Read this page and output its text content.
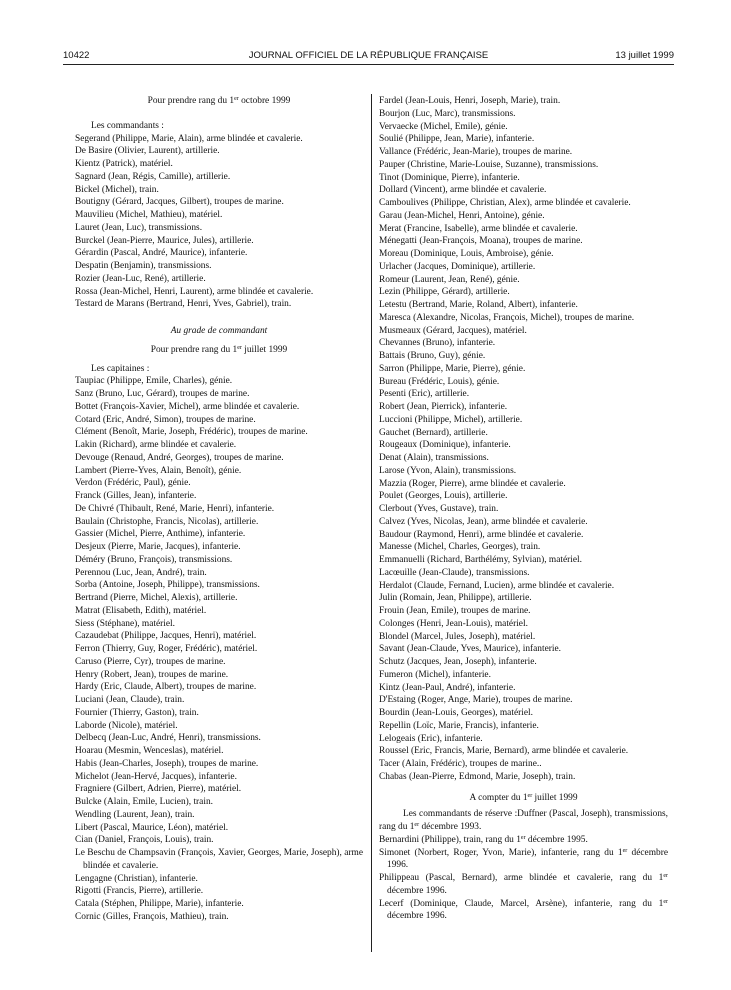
10422	JOURNAL OFFICIEL DE LA RÉPUBLIQUE FRANÇAISE	13 juillet 1999
Pour prendre rang du 1er octobre 1999
Les commandants :
Segerand (Philippe, Marie, Alain), arme blindée et cavalerie.
De Basire (Olivier, Laurent), artillerie.
Kientz (Patrick), matériel.
Sagnard (Jean, Régis, Camille), artillerie.
Bickel (Michel), train.
Boutigny (Gérard, Jacques, Gilbert), troupes de marine.
Mauvilieu (Michel, Mathieu), matériel.
Lauret (Jean, Luc), transmissions.
Burckel (Jean-Pierre, Maurice, Jules), artillerie.
Gérardin (Pascal, André, Maurice), infanterie.
Despatin (Benjamin), transmissions.
Rozier (Jean-Luc, René), artillerie.
Rossa (Jean-Michel, Henri, Laurent), arme blindée et cavalerie.
Testard de Marans (Bertrand, Henri, Yves, Gabriel), train.
Au grade de commandant
Pour prendre rang du 1er juillet 1999
Les capitaines :
Taupiac (Philippe, Emile, Charles), génie.
Sanz (Bruno, Luc, Gérard), troupes de marine.
Bottet (François-Xavier, Michel), arme blindée et cavalerie.
Cotard (Eric, André, Simon), troupes de marine.
Clément (Benoît, Marie, Joseph, Frédéric), troupes de marine.
Lakin (Richard), arme blindée et cavalerie.
Devouge (Renaud, André, Georges), troupes de marine.
Lambert (Pierre-Yves, Alain, Benoît), génie.
Verdon (Frédéric, Paul), génie.
Franck (Gilles, Jean), infanterie.
De Chivré (Thibault, René, Marie, Henri), infanterie.
Baulain (Christophe, Francis, Nicolas), artillerie.
Gassier (Michel, Pierre, Anthime), infanterie.
Desjeux (Pierre, Marie, Jacques), infanterie.
Déméry (Bruno, François), transmissions.
Perennou (Luc, Jean, André), train.
Sorba (Antoine, Joseph, Philippe), transmissions.
Bertrand (Pierre, Michel, Alexis), artillerie.
Matrat (Elisabeth, Edith), matériel.
Siess (Stéphane), matériel.
Cazaudebat (Philippe, Jacques, Henri), matériel.
Ferron (Thierry, Guy, Roger, Frédéric), matériel.
Caruso (Pierre, Cyr), troupes de marine.
Henry (Robert, Jean), troupes de marine.
Hardy (Eric, Claude, Albert), troupes de marine.
Luciani (Jean, Claude), train.
Fournier (Thierry, Gaston), train.
Laborde (Nicole), matériel.
Delbecq (Jean-Luc, André, Henri), transmissions.
Hoarau (Mesmin, Wenceslas), matériel.
Habis (Jean-Charles, Joseph), troupes de marine.
Michelot (Jean-Hervé, Jacques), infanterie.
Fragniere (Gilbert, Adrien, Pierre), matériel.
Bulcke (Alain, Emile, Lucien), train.
Wendling (Laurent, Jean), train.
Libert (Pascal, Maurice, Léon), matériel.
Cian (Daniel, François, Louis), train.
Le Beschu de Champsavin (François, Xavier, Georges, Marie, Joseph), arme blindée et cavalerie.
Lengagne (Christian), infanterie.
Rigotti (Francis, Pierre), artillerie.
Catala (Stéphen, Philippe, Marie), infanterie.
Cornic (Gilles, François, Mathieu), train.
Fardel (Jean-Louis, Henri, Joseph, Marie), train.
Bourjon (Luc, Marc), transmissions.
Vervaecke (Michel, Emile), génie.
Soulié (Philippe, Jean, Marie), infanterie.
Vallance (Frédéric, Jean-Marie), troupes de marine.
Pauper (Christine, Marie-Louise, Suzanne), transmissions.
Tinot (Dominique, Pierre), infanterie.
Dollard (Vincent), arme blindée et cavalerie.
Camboulives (Philippe, Christian, Alex), arme blindée et cavalerie.
Garau (Jean-Michel, Henri, Antoine), génie.
Merat (Francine, Isabelle), arme blindée et cavalerie.
Ménegatti (Jean-François, Moana), troupes de marine.
Moreau (Dominique, Louis, Ambroise), génie.
Urlacher (Jacques, Dominique), artillerie.
Romeur (Laurent, Jean, René), génie.
Lezin (Philippe, Gérard), artillerie.
Letestu (Bertrand, Marie, Roland, Albert), infanterie.
Maresca (Alexandre, Nicolas, François, Michel), troupes de marine.
Musmeaux (Gérard, Jacques), matériel.
Chevannes (Bruno), infanterie.
Battais (Bruno, Guy), génie.
Sarron (Philippe, Marie, Pierre), génie.
Bureau (Frédéric, Louis), génie.
Pesenti (Eric), artillerie.
Robert (Jean, Pierrick), infanterie.
Luccioni (Philippe, Michel), artillerie.
Gauchet (Bernard), artillerie.
Rougeaux (Dominique), infanterie.
Denat (Alain), transmissions.
Larose (Yvon, Alain), transmissions.
Mazzia (Roger, Pierre), arme blindée et cavalerie.
Poulet (Georges, Louis), artillerie.
Clerbout (Yves, Gustave), train.
Calvez (Yves, Nicolas, Jean), arme blindée et cavalerie.
Baudour (Raymond, Henri), arme blindée et cavalerie.
Manesse (Michel, Charles, Georges), train.
Emmanuelli (Richard, Barthélémy, Sylvian), matériel.
Lacœuille (Jean-Claude), transmissions.
Herdalot (Claude, Fernand, Lucien), arme blindée et cavalerie.
Julin (Romain, Jean, Philippe), artillerie.
Frouin (Jean, Emile), troupes de marine.
Colonges (Henri, Jean-Louis), matériel.
Blondel (Marcel, Jules, Joseph), matériel.
Savant (Jean-Claude, Yves, Maurice), infanterie.
Schutz (Jacques, Jean, Joseph), infanterie.
Fumeron (Michel), infanterie.
Kintz (Jean-Paul, André), infanterie.
D'Estaing (Roger, Ange, Marie), troupes de marine.
Bourdin (Jean-Louis, Georges), matériel.
Repellin (Loïc, Marie, Francis), infanterie.
Lelogeais (Eric), infanterie.
Roussel (Eric, Francis, Marie, Bernard), arme blindée et cavalerie.
Tacer (Alain, Frédéric), troupes de marine..
Chabas (Jean-Pierre, Edmond, Marie, Joseph), train.
A compter du 1er juillet 1999
Les commandants de réserve :Duffner (Pascal, Joseph), transmissions, rang du 1er décembre 1993.
Bernardini (Philippe), train, rang du 1er décembre 1995.
Simonet (Norbert, Roger, Yvon, Marie), infanterie, rang du 1er décembre 1996.
Philippeau (Pascal, Bernard), arme blindée et cavalerie, rang du 1er décembre 1996.
Lecerf (Dominique, Claude, Marcel, Arsène), infanterie, rang du 1er décembre 1996.
